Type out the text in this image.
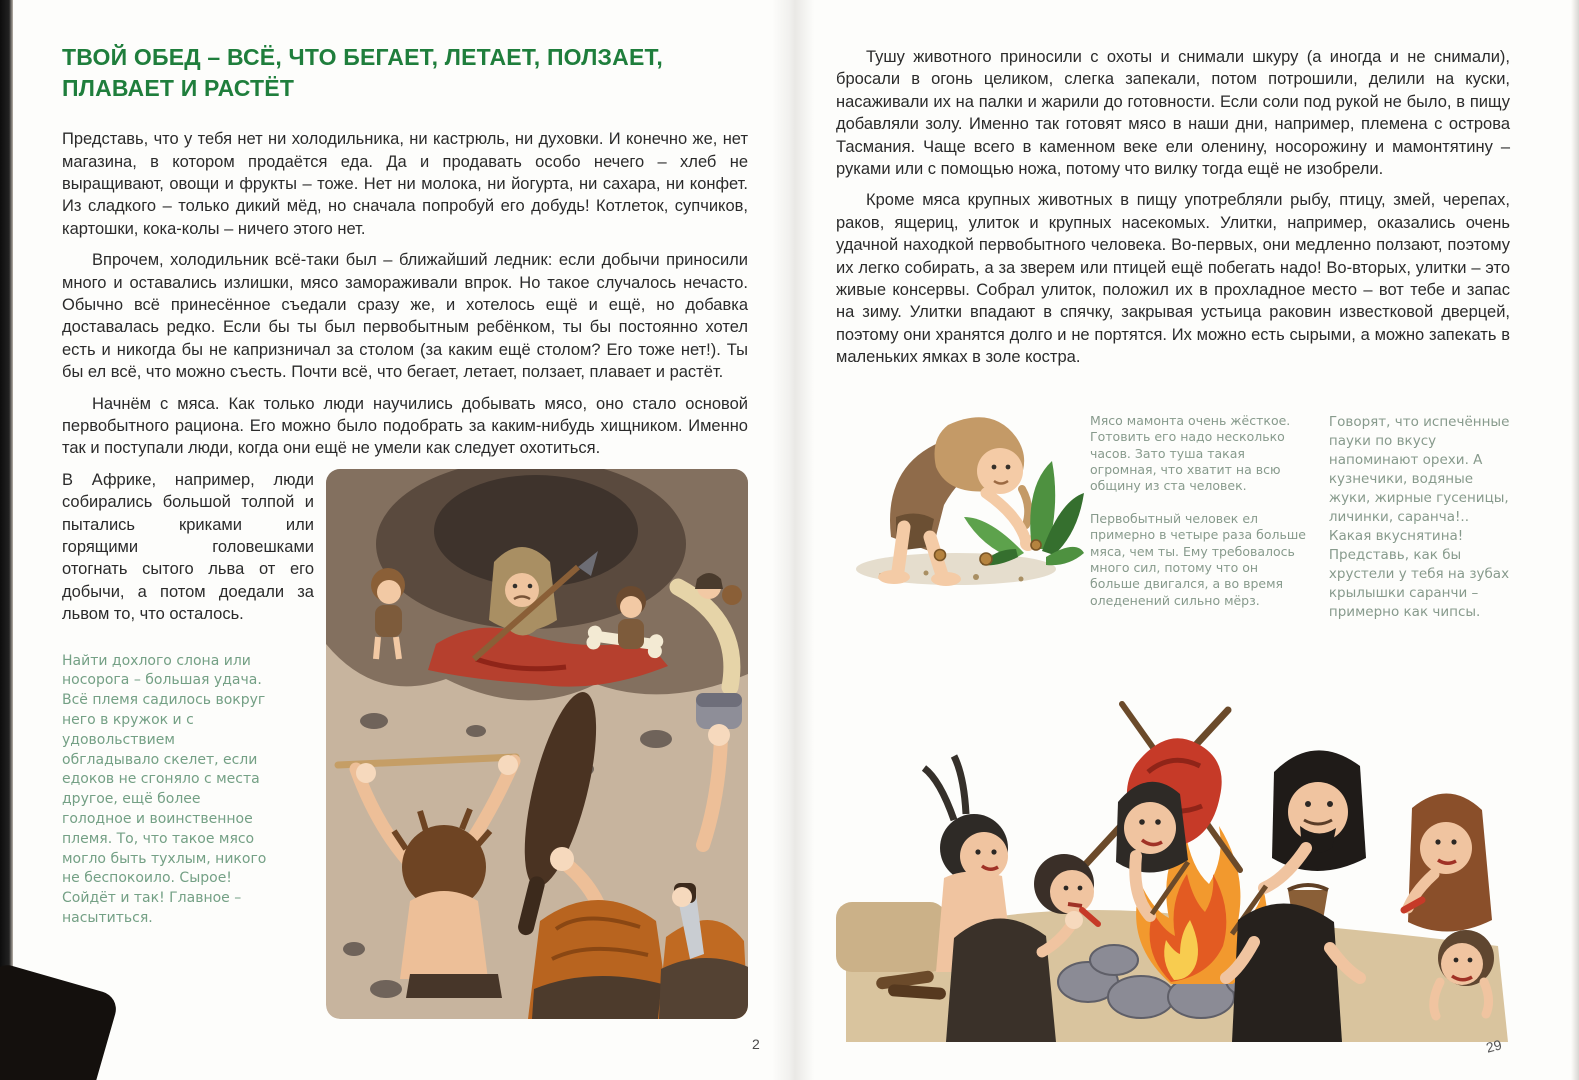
ТВОЙ ОБЕД – ВСЁ, ЧТО БЕГАЕТ, ЛЕТАЕТ, ПОЛЗАЕТ, ПЛАВАЕТ И РАСТЁТ

Представь, что у тебя нет ни холодильника, ни кастрюль, ни духовки. И конечно же, нет магазина, в котором продаётся еда. Да и продавать особо нечего – хлеб не выращивают, овощи и фрукты – тоже. Нет ни молока, ни йогурта, ни сахара, ни конфет. Из сладкого – только дикий мёд, но сначала попробуй его добудь! Котлеток, супчиков, картошки, кока-колы – ничего этого нет.

Впрочем, холодильник всё-таки был – ближайший ледник: если добычи приносили много и оставались излишки, мясо замораживали впрок. Но такое случалось нечасто. Обычно всё принесённое съедали сразу же, и хотелось ещё и ещё, но добавка доставалась редко. Если бы ты был первобытным ребёнком, ты бы постоянно хотел есть и никогда бы не капризничал за столом (за каким ещё столом? Его тоже нет!). Ты бы ел всё, что можно съесть. Почти всё, что бегает, летает, ползает, плавает и растёт.

Начнём с мяса. Как только люди научились добывать мясо, оно стало основой первобытного рациона. Его можно было подобрать за каким-нибудь хищником. Именно так и поступали люди, когда они ещё не умели как следует охотиться.

В Африке, например, люди собирались большой толпой и пытались криками или горящими головешками отогнать сытого льва от его добычи, а потом доедали за львом то, что осталось.

Найти дохлого слона или носорога – большая удача. Всё племя садилось вокруг него в кружок и с удовольствием обгладывало скелет, если едоков не сгоняло с места другое, ещё более голодное и воинственное племя. То, что такое мясо могло быть тухлым, никого не беспокоило. Сырое! Сойдёт и так! Главное – насытиться.

Тушу животного приносили с охоты и снимали шкуру (а иногда и не снимали), бросали в огонь целиком, слегка запекали, потом потрошили, делили на куски, насаживали их на палки и жарили до готовности. Если соли под рукой не было, в пищу добавляли золу. Именно так готовят мясо в наши дни, например, племена с острова Тасмания. Чаще всего в каменном веке ели оленину, носорожину и мамонтятину – руками или с помощью ножа, потому что вилку тогда ещё не изобрели.

Кроме мяса крупных животных в пищу употребляли рыбу, птицу, змей, черепах, раков, ящериц, улиток и крупных насекомых. Улитки, например, оказались очень удачной находкой первобытного человека. Во-первых, они медленно ползают, поэтому их легко собирать, а за зверем или птицей ещё побегать надо! Во-вторых, улитки – это живые консервы. Собрал улиток, положил их в прохладное место – вот тебе и запас на зиму. Улитки впадают в спячку, закрывая устьица раковин известковой дверцей, поэтому они хранятся долго и не портятся. Их можно есть сырыми, а можно запекать в маленьких ямках в золе костра.

Мясо мамонта очень жёсткое. Готовить его надо несколько часов. Зато туша такая огромная, что хватит на всю общину из ста человек.

Первобытный человек ел примерно в четыре раза больше мяса, чем ты. Ему требовалось много сил, потому что он больше двигался, а во время оледенений сильно мёрз.

Говорят, что испечённые пауки по вкусу напоминают орехи. А кузнечики, водяные жуки, жирные гусеницы, личинки, саранча!.. Какая вкуснятина! Представь, как бы хрустели у тебя на зубах крылышки саранчи – примерно как чипсы.

2	29
